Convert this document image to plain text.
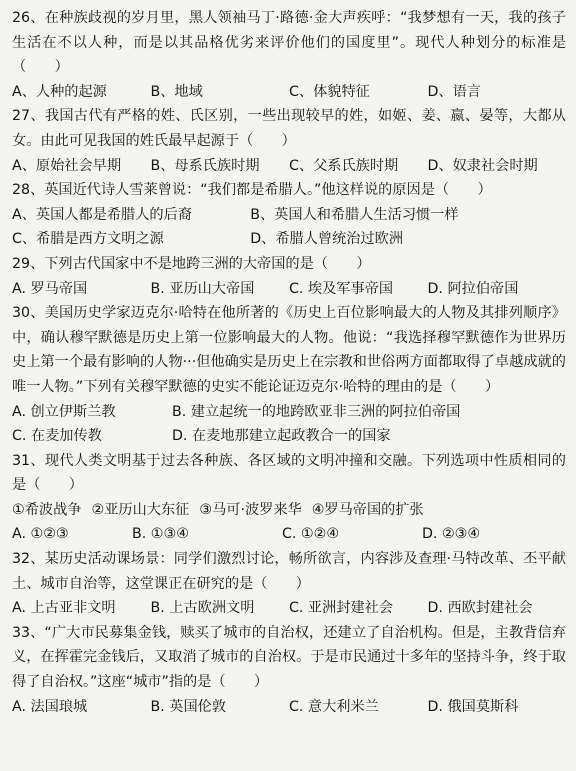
26、在种族歧视的岁月里，黑人领袖马丁·路德·金大声疾呼：“我梦想有一天，我的孩子生活在不以人种，而是以其品格优劣来评价他们的国度里”。现代人种划分的标准是（　　）
A、人种的起源	B、地域	C、体貌特征	D、语言
27、我国古代有严格的姓、氏区别，一些出现较早的姓，如姬、姜、嬴、晏等，大都从女。由此可见我国的姓氏最早起源于（　　）
A、原始社会早期 B、母系氏族时期 C、父系氏族时期 D、奴隶社会时期
28、英国近代诗人雪莱曾说：“我们都是希腊人。”他这样说的原因是（　　）
A、英国人都是希腊人的后裔	B、英国人和希腊人生活习惯一样
C、希腊是西方文明之源	D、希腊人曾统治过欧洲
29、下列古代国家中不是地跨三洲的大帝国的是（　　）
A. 罗马帝国	B. 亚历山大帝国 C. 埃及军事帝国 D. 阿拉伯帝国
30、美国历史学家迈克尔·哈特在他所著的《历史上百位影响最大的人物及其排列顺序》中，确认穆罕默德是历史上第一位影响最大的人物。他说：“我选择穆罕默德作为世界历史上第一个最有影响的人物···但他确实是历史上在宗教和世俗两方面都取得了卓越成就的唯一人物。”下列有关穆罕默德的史实不能论证迈克尔·哈特的理由的是（　　）
A. 创立伊斯兰教	B. 建立起统一的地跨欧亚非三洲的阿拉伯帝国
C. 在麦加传教	D. 在麦地那建立起政教合一的国家
31、现代人类文明基于过去各种族、各区域的文明冲撞和交融。下列选项中性质相同的是（　　）
①希波战争 ②亚历山大东征 ③马可·波罗来华 ④罗马帝国的扩张
A. ①②③	B. ①③④	C. ①②④	D. ②③④
32、某历史活动课场景：同学们激烈讨论，畅所欲言，内容涉及查理·马特改革、丕平献土、城市自治等，这堂课正在研究的是（　　）
A. 上古亚非文明 B. 上古欧洲文明 C. 亚洲封建社会 D. 西欧封建社会
33、“广大市民募集金钱，赎买了城市的自治权，还建立了自治机构。但是，主教背信弃义，在挥霍完金钱后，又取消了城市的自治权。于是市民通过十多年的坚持斗争，终于取得了自治权。”这座“城市”指的是（　　）
A. 法国琅城	B. 英国伦敦	C. 意大利米兰	D. 俄国莫斯科
